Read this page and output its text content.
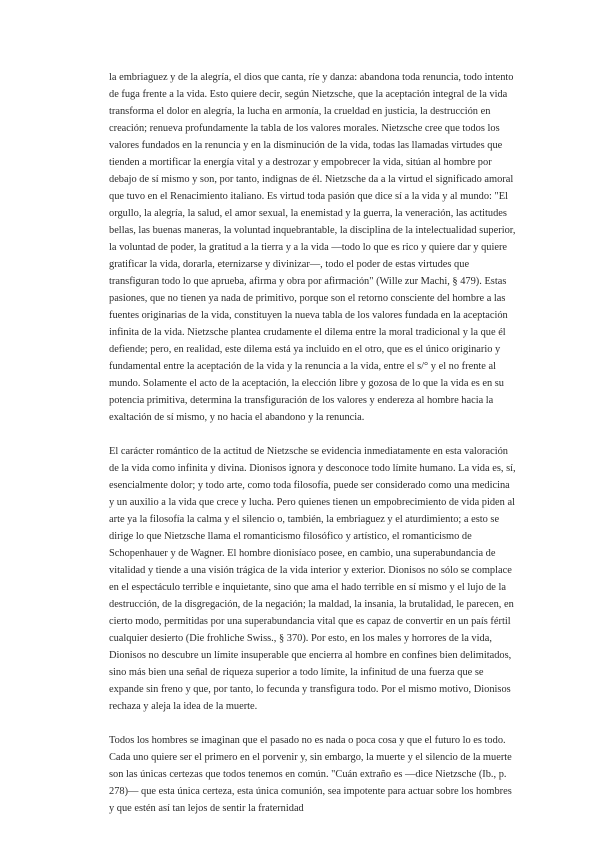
la embriaguez y de la alegría, el dios que canta, ríe y danza: abandona toda renuncia, todo intento de fuga frente a la vida. Esto quiere decir, según Nietzsche, que la aceptación integral de la vida transforma el dolor en alegría, la lucha en armonía, la crueldad en justicia, la destrucción en creación; renueva profundamente la tabla de los valores morales. Nietzsche cree que todos los valores fundados en la renuncia y en la disminución de la vida, todas las llamadas virtudes que tienden a mortificar la energía vital y a destrozar y empobrecer la vida, sitúan al hombre por debajo de sí mismo y son, por tanto, indignas de él. Nietzsche da a la virtud el significado amoral que tuvo en el Renacimiento italiano. Es virtud toda pasión que dice sí a la vida y al mundo: "El orgullo, la alegría, la salud, el amor sexual, la enemistad y la guerra, la veneración, las actitudes bellas, las buenas maneras, la voluntad inquebrantable, la disciplina de la intelectualidad superior, la voluntad de poder, la gratitud a la tierra y a la vida —todo lo que es rico y quiere dar y quiere gratificar la vida, dorarla, eternizarse y divinizar—, todo el poder de estas virtudes que transfiguran todo lo que aprueba, afirma y obra por afirmación" (Wille zur Machi, § 479). Estas pasiones, que no tienen ya nada de primitivo, porque son el retorno consciente del hombre a las fuentes originarias de la vida, constituyen la nueva tabla de los valores fundada en la aceptación infinita de la vida. Nietzsche plantea crudamente el dilema entre la moral tradicional y la que él defiende; pero, en realidad, este dilema está ya incluido en el otro, que es el único originario y fundamental entre la aceptación de la vida y la renuncia a la vida, entre el s/° y el no frente al mundo. Solamente el acto de la aceptación, la elección libre y gozosa de lo que la vida es en su potencia primitiva, determina la transfiguración de los valores y endereza al hombre hacia la exaltación de sí mismo, y no hacia el abandono y la renuncia.

El carácter romántico de la actitud de Nietzsche se evidencia inmediatamente en esta valoración de la vida como infinita y divina. Dionisos ignora y desconoce todo límite humano. La vida es, sí, esencialmente dolor; y todo arte, como toda filosofía, puede ser considerado como una medicina y un auxilio a la vida que crece y lucha. Pero quienes tienen un empobrecimiento de vida piden al arte ya la filosofía la calma y el silencio o, también, la embriaguez y el aturdimiento; a esto se dirige lo que Nietzsche llama el romanticismo filosófico y artístico, el romanticismo de Schopenhauer y de Wagner. El hombre dionisíaco posee, en cambio, una superabundancia de vitalidad y tiende a una visión trágica de la vida interior y exterior. Dionisos no sólo se complace en el espectáculo terrible e inquietante, sino que ama el hado terrible en sí mismo y el lujo de la destrucción, de la disgregación, de la negación; la maldad, la insania, la brutalidad, le parecen, en cierto modo, permitidas por una superabundancia vital que es capaz de convertir en un país fértil cualquier desierto (Die frohliche Swiss., § 370). Por esto, en los males y horrores de la vida, Dionisos no descubre un límite insuperable que encierra al hombre en confines bien delimitados, sino más bien una señal de riqueza superior a todo límite, la infinitud de una fuerza que se expande sin freno y que, por tanto, lo fecunda y transfigura todo. Por el mismo motivo, Dionisos rechaza y aleja la idea de la muerte.

Todos los hombres se imaginan que el pasado no es nada o poca cosa y que el futuro lo es todo. Cada uno quiere ser el primero en el porvenir y, sin embargo, la muerte y el silencio de la muerte son las únicas certezas que todos tenemos en común. "Cuán extraño es —dice Nietzsche (Ib., p. 278)— que esta única certeza, esta única comunión, sea impotente para actuar sobre los hombres y que estén así tan lejos de sentir la fraternidad
